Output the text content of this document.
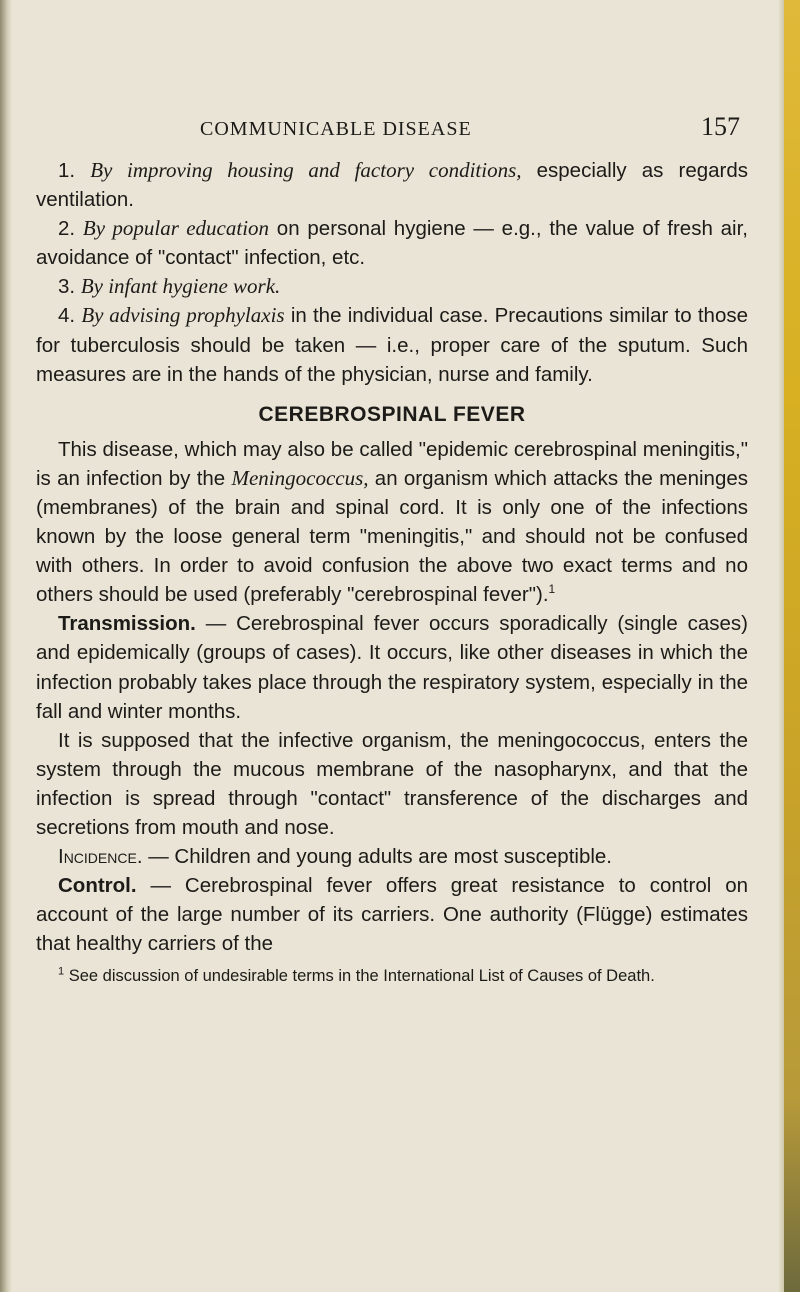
COMMUNICABLE DISEASE	157

1. By improving housing and factory conditions, especially as regards ventilation.

2. By popular education on personal hygiene — e.g., the value of fresh air, avoidance of "contact" infection, etc.

3. By infant hygiene work.

4. By advising prophylaxis in the individual case. Precautions similar to those for tuberculosis should be taken — i.e., proper care of the sputum. Such measures are in the hands of the physician, nurse and family.

CEREBROSPINAL FEVER

This disease, which may also be called "epidemic cerebrospinal meningitis," is an infection by the Meningococcus, an organism which attacks the meninges (membranes) of the brain and spinal cord. It is only one of the infections known by the loose general term "meningitis," and should not be confused with others. In order to avoid confusion the above two exact terms and no others should be used (preferably "cerebrospinal fever").$^1$

Transmission. — Cerebrospinal fever occurs sporadically (single cases) and epidemically (groups of cases). It occurs, like other diseases in which the infection probably takes place through the respiratory system, especially in the fall and winter months.

It is supposed that the infective organism, the meningococcus, enters the system through the mucous membrane of the nasopharynx, and that the infection is spread through "contact" transference of the discharges and secretions from mouth and nose.

Incidence. — Children and young adults are most susceptible.

Control. — Cerebrospinal fever offers great resistance to control on account of the large number of its carriers. One authority (Flügge) estimates that healthy carriers of the

$^1$ See discussion of undesirable terms in the International List of Causes of Death.
